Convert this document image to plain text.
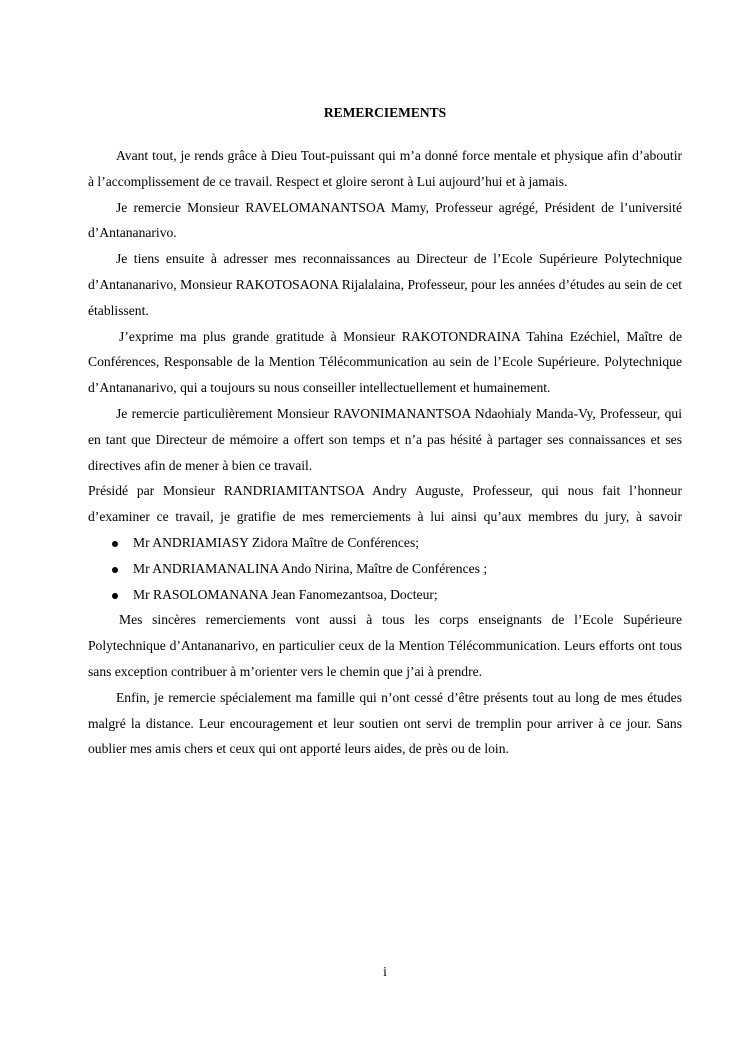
REMERCIEMENTS

Avant tout, je rends grâce à Dieu Tout-puissant qui m’a donné force mentale et physique afin d’aboutir à l’accomplissement de ce travail. Respect et gloire seront à Lui aujourd’hui et à jamais.

Je remercie Monsieur RAVELOMANANTSOA Mamy, Professeur agrégé, Président de l’université d’Antananarivo.

Je tiens ensuite à adresser mes reconnaissances au Directeur de l’Ecole Supérieure Polytechnique d’Antananarivo, Monsieur RAKOTOSAONA Rijalalaina, Professeur, pour les années d’études au sein de cet établissent.

J’exprime ma plus grande gratitude à Monsieur RAKOTONDRAINA Tahina Ezéchiel, Maître de Conférences, Responsable de la Mention Télécommunication au sein de l’Ecole Supérieure. Polytechnique d’Antananarivo, qui a toujours su nous conseiller intellectuellement et humainement.

Je remercie particulièrement Monsieur RAVONIMANANTSOA Ndaohialy Manda-Vy, Professeur, qui en tant que Directeur de mémoire a offert son temps et n’a pas hésité à partager ses connaissances et ses directives afin de mener à bien ce travail.

Présidé par Monsieur RANDRIAMITANTSOA Andry Auguste, Professeur, qui nous fait l’honneur d’examiner ce travail, je gratifie de mes remerciements à lui ainsi qu’aux membres du jury, à savoir

Mr ANDRIAMIASY Zidora Maître de Conférences;
Mr ANDRIAMANALINA Ando Nirina, Maître de Conférences ;
Mr RASOLOMANANA Jean Fanomezantsoa, Docteur;

Mes sincères remerciements vont aussi à tous les corps enseignants de l’Ecole Supérieure Polytechnique d’Antananarivo, en particulier ceux de la Mention Télécommunication. Leurs efforts ont tous sans exception contribuer à m’orienter vers le chemin que j’ai à prendre.

Enfin, je remercie spécialement ma famille qui n’ont cessé d’être présents tout au long de mes études malgré la distance. Leur encouragement et leur soutien ont servi de tremplin pour arriver à ce jour. Sans oublier mes amis chers et ceux qui ont apporté leurs aides, de près ou de loin.

i
